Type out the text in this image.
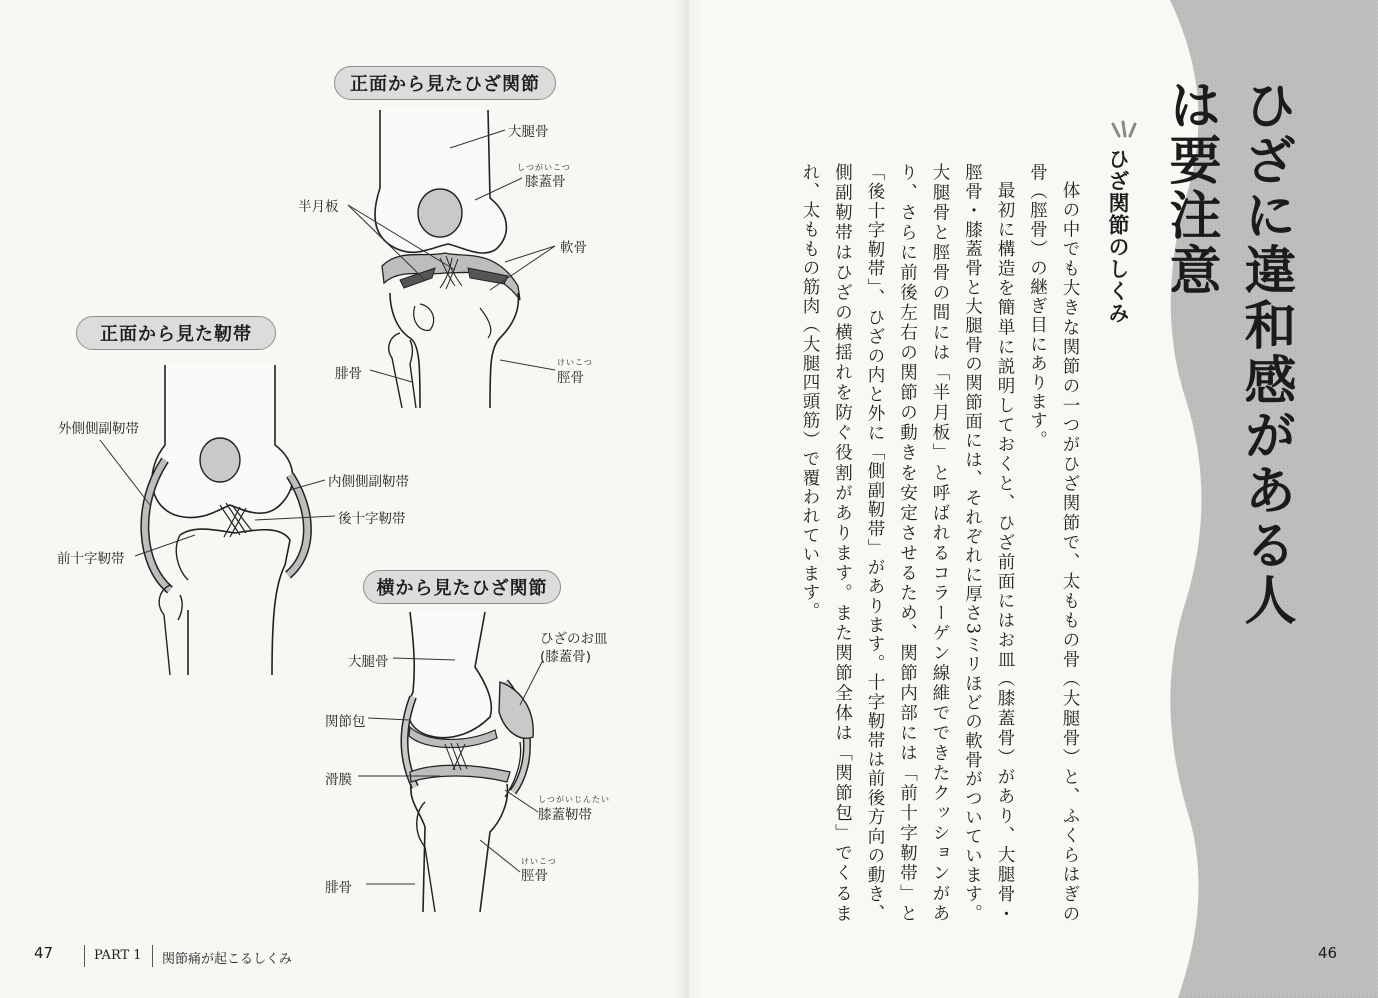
正面から見たひざ関節
大腿骨
しつがいこつ
膝蓋骨
半月板
軟骨
腓骨
けいこつ
脛骨
正面から見た靭帯
外側側副靭帯
内側側副靭帯
後十字靭帯
前十字靭帯
横から見たひざ関節
大腿骨
ひざのお皿
(膝蓋骨)
関節包
滑膜
しつがいじんたい
膝蓋靭帯
けいこつ
脛骨
腓骨
47	PART 1 関節痛が起こるしくみ
ひざに違和感がある人は要注意
ひざ関節のしくみ

体の中でも大きな関節の一つがひざ関節で、太ももの骨（大腿骨）と、ふくらはぎの骨（脛骨）の継ぎ目にあります。

最初に構造を簡単に説明しておくと、ひざ前面にはお皿（膝蓋骨）があり、大腿骨・脛骨・膝蓋骨と大腿骨の関節面には、それぞれに厚さ3ミリほどの軟骨がついています。大腿骨と脛骨の間には「半月板」と呼ばれるコラーゲン線維でできたクッションがあり、さらに前後左右の関節の動きを安定させるため、関節内部には「前十字靭帯」と「後十字靭帯」、ひざの内と外に「側副靭帯」があります。十字靭帯は前後方向の動き、側副靭帯はひざの横揺れを防ぐ役割があります。また関節全体は「関節包」でくるまれ、太ももの筋肉（大腿四頭筋）で覆われています。

46
